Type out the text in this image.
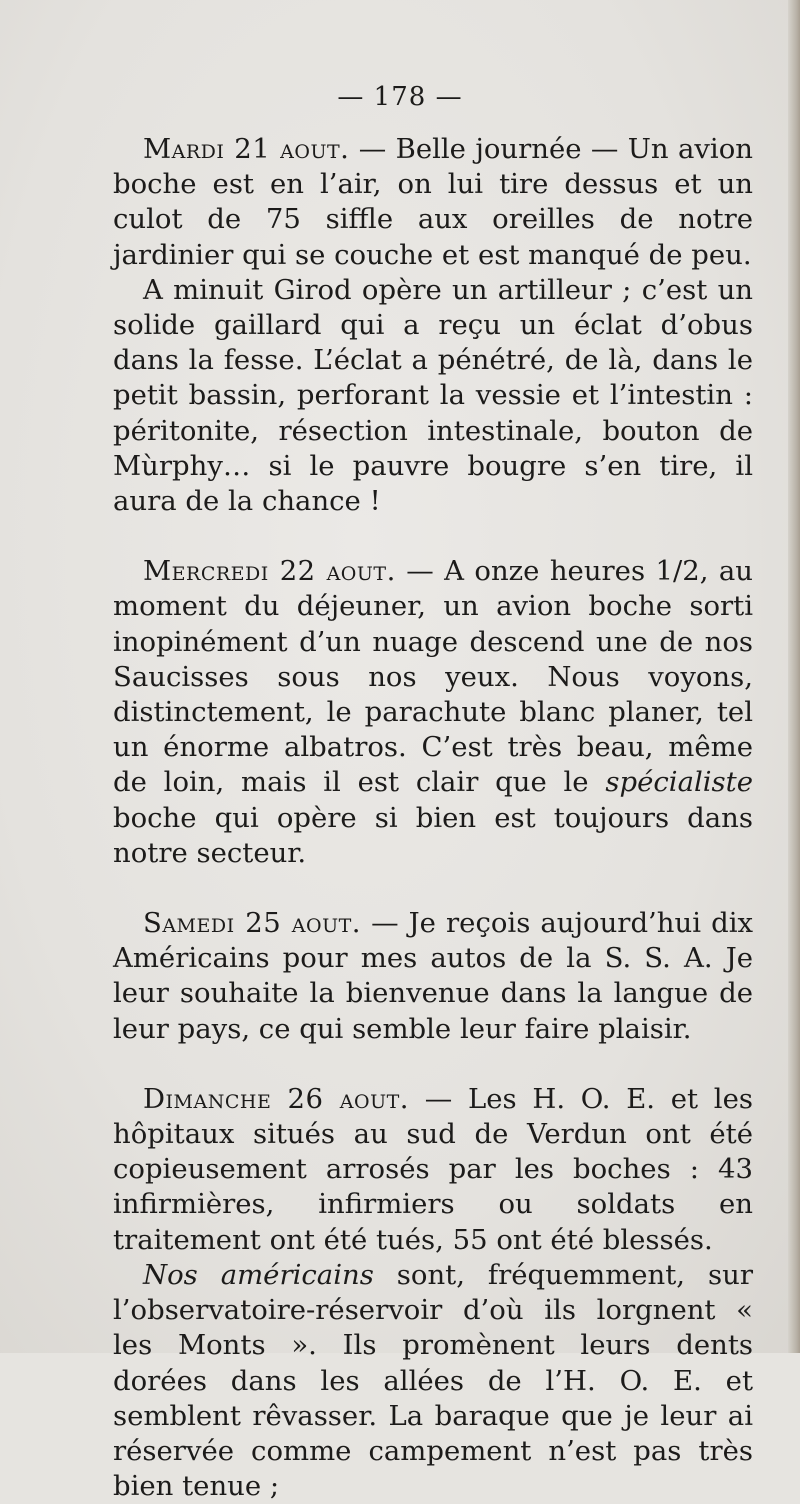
— 178 —

Mardi 21 aout. — Belle journée — Un avion boche est en l’air, on lui tire dessus et un culot de 75 siffle aux oreilles de notre jardinier qui se couche et est manqué de peu.

A minuit Girod opère un artilleur ; c’est un solide gaillard qui a reçu un éclat d’obus dans la fesse. L’éclat a pénétré, de là, dans le petit bassin, perforant la vessie et l’intestin : péritonite, résection intestinale, bouton de Mùrphy… si le pauvre bougre s’en tire, il aura de la chance !

Mercredi 22 aout. — A onze heures 1/2, au moment du déjeuner, un avion boche sorti inopinément d’un nuage descend une de nos Saucisses sous nos yeux. Nous voyons, distinctement, le parachute blanc planer, tel un énorme albatros. C’est très beau, même de loin, mais il est clair que le spécialiste boche qui opère si bien est toujours dans notre secteur.

Samedi 25 aout. — Je reçois aujourd’hui dix Américains pour mes autos de la S. S. A. Je leur souhaite la bienvenue dans la langue de leur pays, ce qui semble leur faire plaisir.

Dimanche 26 aout. — Les H. O. E. et les hôpitaux situés au sud de Verdun ont été copieusement arrosés par les boches : 43 infirmières, infirmiers ou soldats en traitement ont été tués, 55 ont été blessés.

Nos américains sont, fréquemment, sur l’observatoire-réservoir d’où ils lorgnent « les Monts ». Ils promènent leurs dents dorées dans les allées de l’H. O. E. et semblent rêvasser. La baraque que je leur ai réservée comme campement n’est pas très bien tenue ;
